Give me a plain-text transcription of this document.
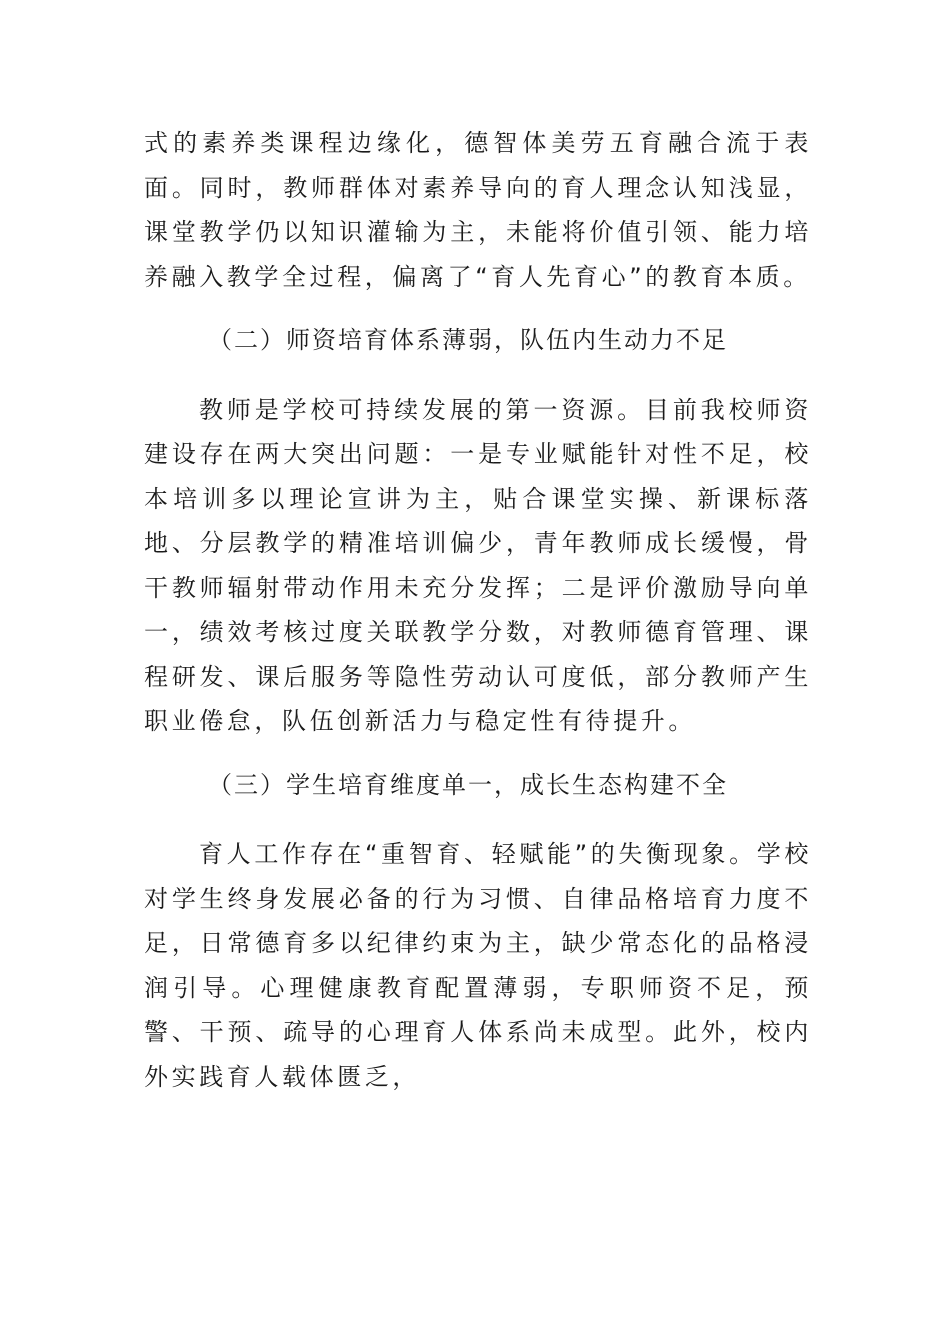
式的素养类课程边缘化，德智体美劳五育融合流于表面。同时，教师群体对素养导向的育人理念认知浅显，课堂教学仍以知识灌输为主，未能将价值引领、能力培养融入教学全过程，偏离了“育人先育心”的教育本质。

（二）师资培育体系薄弱，队伍内生动力不足

教师是学校可持续发展的第一资源。目前我校师资建设存在两大突出问题：一是专业赋能针对性不足，校本培训多以理论宣讲为主，贴合课堂实操、新课标落地、分层教学的精准培训偏少，青年教师成长缓慢，骨干教师辐射带动作用未充分发挥；二是评价激励导向单一，绩效考核过度关联教学分数，对教师德育管理、课程研发、课后服务等隐性劳动认可度低，部分教师产生职业倦怠，队伍创新活力与稳定性有待提升。

（三）学生培育维度单一，成长生态构建不全

育人工作存在“重智育、轻赋能”的失衡现象。学校对学生终身发展必备的行为习惯、自律品格培育力度不足，日常德育多以纪律约束为主，缺少常态化的品格浸润引导。心理健康教育配置薄弱，专职师资不足，预警、干预、疏导的心理育人体系尚未成型。此外，校内外实践育人载体匮乏，
